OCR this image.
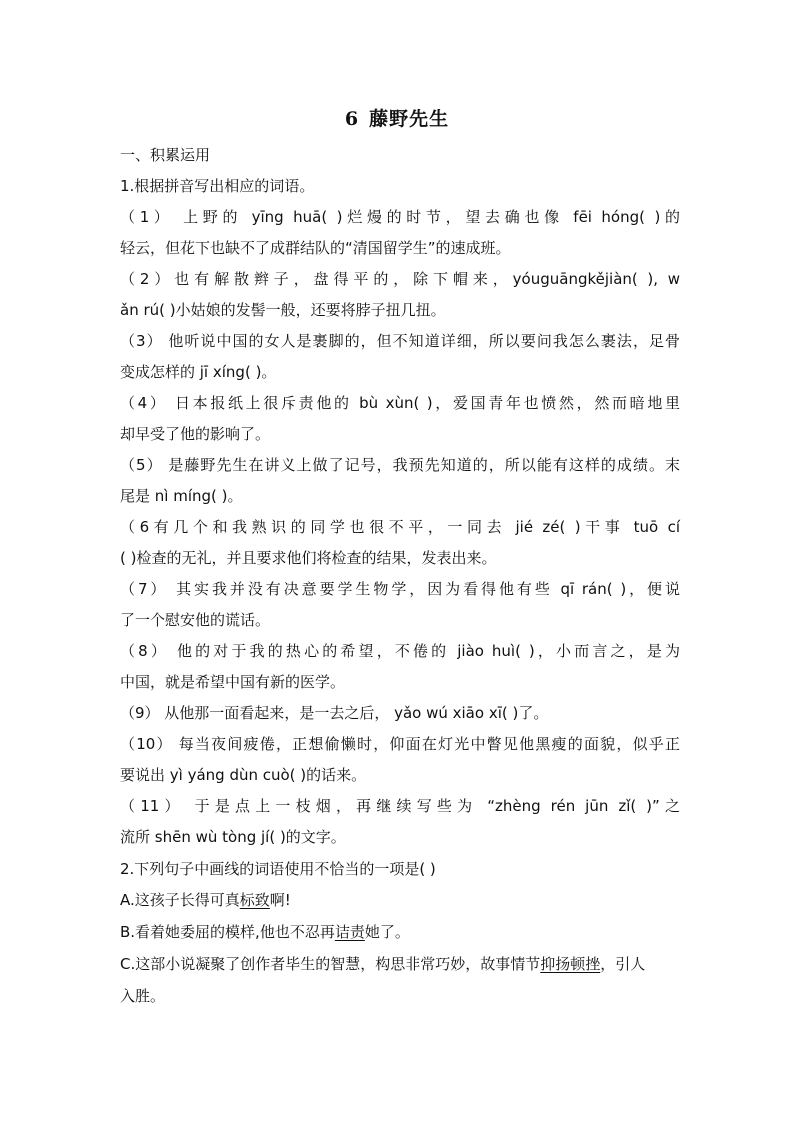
6 藤野先生
一、积累运用
1.根据拼音写出相应的词语。
（1） 上野的 yīng huā( )烂熳的时节，望去确也像 fēi hóng( )的
轻云，但花下也缺不了成群结队的“清国留学生”的速成班。
（2）也有解散辫子，盘得平的，除下帽来，yóuguāngkějiàn( ), w
ǎn rú( )小姑娘的发髻一般，还要将脖子扭几扭。
（3） 他听说中国的女人是裹脚的，但不知道详细，所以要问我怎么裹法，足骨
变成怎样的 jī xíng( )。
（4） 日本报纸上很斥责他的 bù xùn( )，爱国青年也愤然，然而暗地里
却早受了他的影响了。
（5） 是藤野先生在讲义上做了记号，我预先知道的，所以能有这样的成绩。末
尾是 nì míng( )。
（6有几个和我熟识的同学也很不平，一同去 jié zé( )干事 tuō cí
( )检查的无礼，并且要求他们将检查的结果，发表出来。
（7） 其实我并没有决意要学生物学，因为看得他有些 qī rán( )，便说
了一个慰安他的谎话。
（8） 他的对于我的热心的希望，不倦的 jiào huì( )，小而言之，是为
中国，就是希望中国有新的医学。
（9） 从他那一面看起来，是一去之后， yǎo wú xiāo xī( )了。
（10） 每当夜间疲倦，正想偷懒时，仰面在灯光中瞥见他黑瘦的面貌，似乎正
要说出 yì yáng dùn cuò( )的话来。
（11） 于是点上一枝烟，再继续写些为 “zhèng rén jūn zǐ( )”之
流所 shēn wù tòng jí( )的文字。
2.下列句子中画线的词语使用不恰当的一项是( )
A.这孩子长得可真标致啊!
B.看着她委屈的模样,他也不忍再诘责她了。
C.这部小说凝聚了创作者毕生的智慧，构思非常巧妙，故事情节抑扬顿挫，引人
入胜。
